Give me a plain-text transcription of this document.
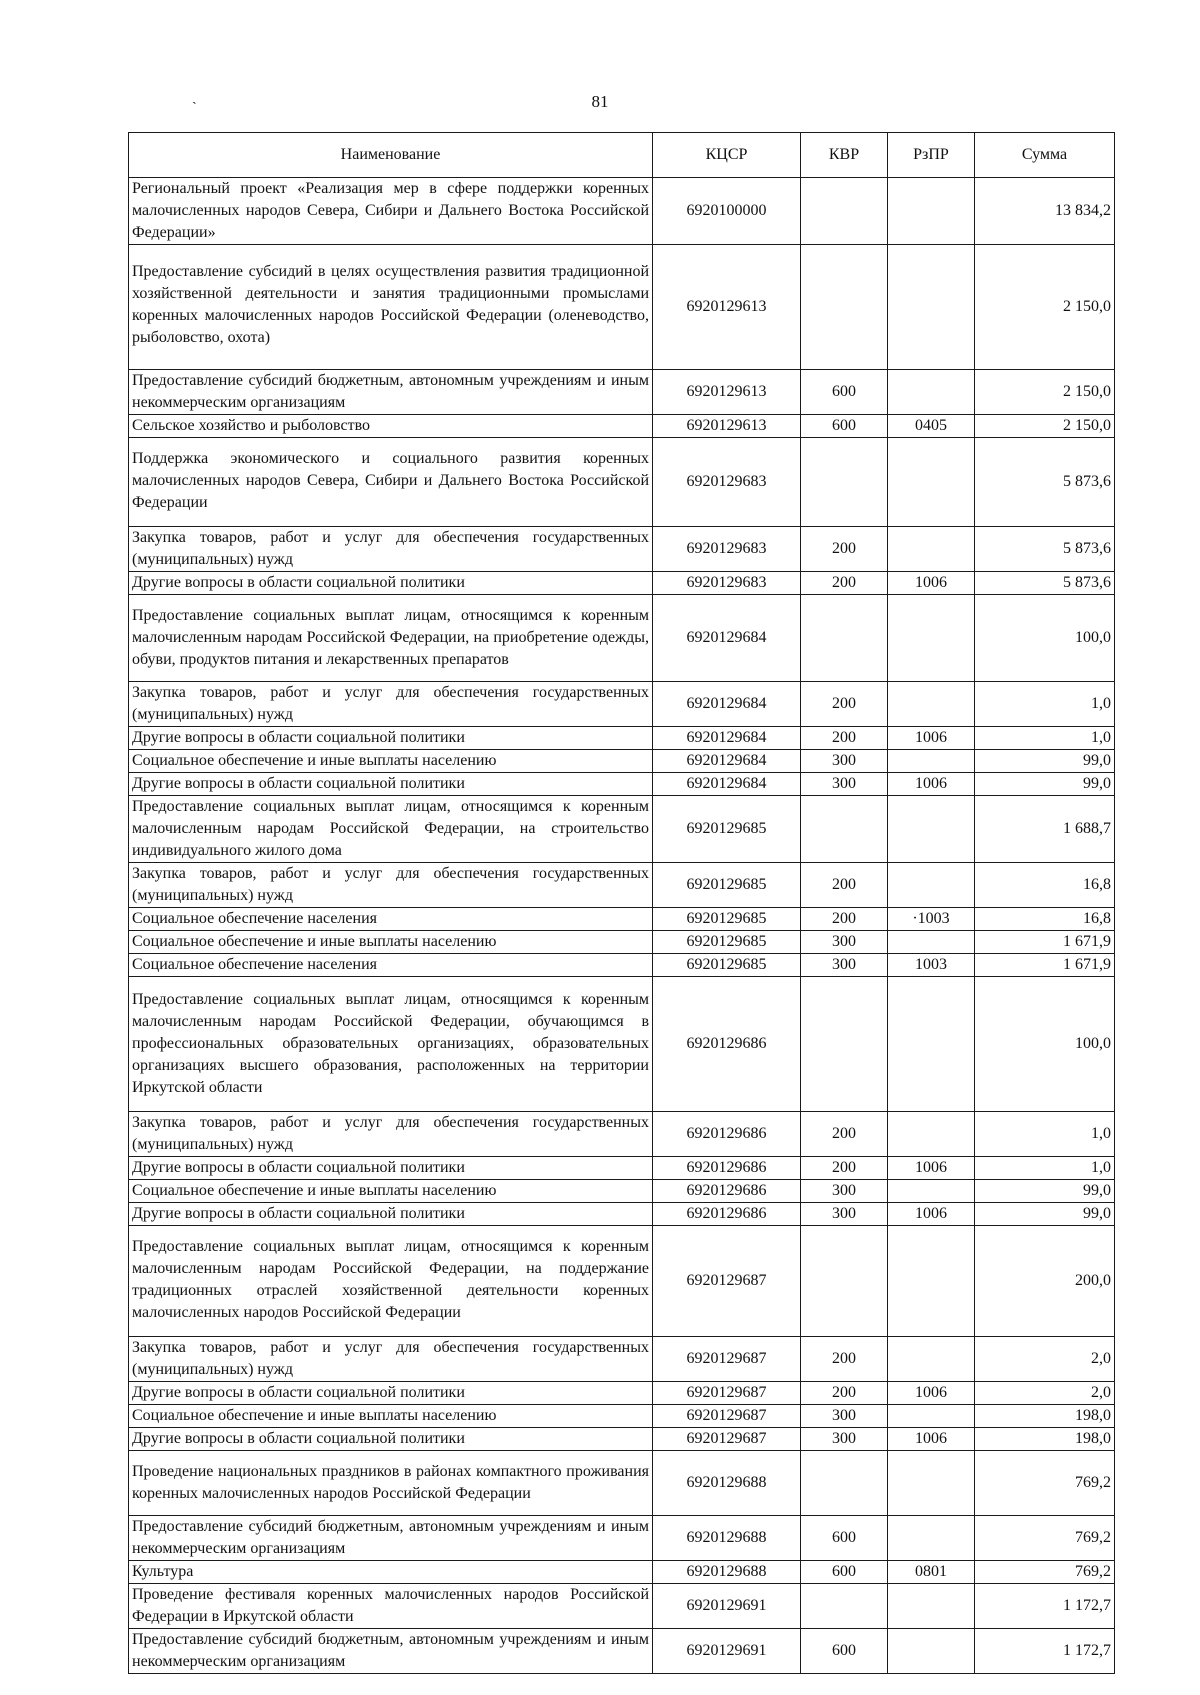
ˎ	81
Наименование	КЦСР	КВР	РзПР	Сумма
Региональный проект «Реализация мер в сфере поддержки коренных малочисленных народов Севера, Сибири и Дальнего Востока Российской Федерации»	6920100000			13 834,2
Предоставление субсидий в целях осуществления развития традиционной хозяйственной деятельности и занятия традиционными промыслами коренных малочисленных народов Российской Федерации (оленеводство, рыболовство, охота)	6920129613			2 150,0
Предоставление субсидий бюджетным, автономным учреждениям и иным некоммерческим организациям	6920129613	600		2 150,0
Сельское хозяйство и рыболовство	6920129613	600	0405	2 150,0
Поддержка экономического и социального развития коренных малочисленных народов Севера, Сибири и Дальнего Востока Российской Федерации	6920129683			5 873,6
Закупка товаров, работ и услуг для обеспечения государственных (муниципальных) нужд	6920129683	200		5 873,6
Другие вопросы в области социальной политики	6920129683	200	1006	5 873,6
Предоставление социальных выплат лицам, относящимся к коренным малочисленным народам Российской Федерации, на приобретение одежды, обуви, продуктов питания и лекарственных препаратов	6920129684			100,0
Закупка товаров, работ и услуг для обеспечения государственных (муниципальных) нужд	6920129684	200		1,0
Другие вопросы в области социальной политики	6920129684	200	1006	1,0
Социальное обеспечение и иные выплаты населению	6920129684	300		99,0
Другие вопросы в области социальной политики	6920129684	300	1006	99,0
Предоставление социальных выплат лицам, относящимся к коренным малочисленным народам Российской Федерации, на строительство индивидуального жилого дома	6920129685			1 688,7
Закупка товаров, работ и услуг для обеспечения государственных (муниципальных) нужд	6920129685	200		16,8
Социальное обеспечение населения	6920129685	200	·1003	16,8
Социальное обеспечение и иные выплаты населению	6920129685	300		1 671,9
Социальное обеспечение населения	6920129685	300	1003	1 671,9
Предоставление социальных выплат лицам, относящимся к коренным малочисленным народам Российской Федерации, обучающимся в профессиональных образовательных организациях, образовательных организациях высшего образования, расположенных на территории Иркутской области	6920129686			100,0
Закупка товаров, работ и услуг для обеспечения государственных (муниципальных) нужд	6920129686	200		1,0
Другие вопросы в области социальной политики	6920129686	200	1006	1,0
Социальное обеспечение и иные выплаты населению	6920129686	300		99,0
Другие вопросы в области социальной политики	6920129686	300	1006	99,0
Предоставление социальных выплат лицам, относящимся к коренным малочисленным народам Российской Федерации, на поддержание традиционных отраслей хозяйственной деятельности коренных малочисленных народов Российской Федерации	6920129687			200,0
Закупка товаров, работ и услуг для обеспечения государственных (муниципальных) нужд	6920129687	200		2,0
Другие вопросы в области социальной политики	6920129687	200	1006	2,0
Социальное обеспечение и иные выплаты населению	6920129687	300		198,0
Другие вопросы в области социальной политики	6920129687	300	1006	198,0
Проведение национальных праздников в районах компактного проживания коренных малочисленных народов Российской Федерации	6920129688			769,2
Предоставление субсидий бюджетным, автономным учреждениям и иным некоммерческим организациям	6920129688	600		769,2
Культура	6920129688	600	0801	769,2
Проведение фестиваля коренных малочисленных народов Российской Федерации в Иркутской области	6920129691			1 172,7
Предоставление субсидий бюджетным, автономным учреждениям и иным некоммерческим организациям	6920129691	600		1 172,7
